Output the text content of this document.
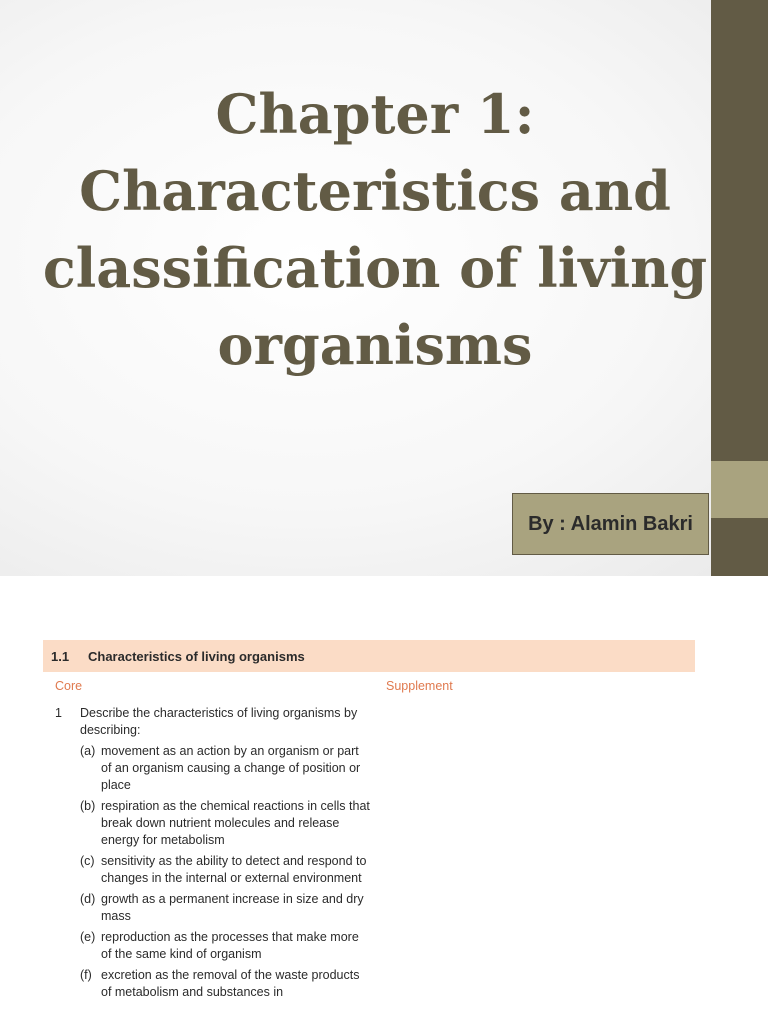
Chapter 1:
Characteristics and
classification of living
organisms
By : Alamin Bakri
1.1	Characteristics of living organisms
Core	Supplement
1 Describe the characteristics of living organisms by describing:
(a) movement as an action by an organism or part of an organism causing a change of position or place
(b) respiration as the chemical reactions in cells that break down nutrient molecules and release energy for metabolism
(c) sensitivity as the ability to detect and respond to changes in the internal or external environment
(d) growth as a permanent increase in size and dry mass
(e) reproduction as the processes that make more of the same kind of organism
(f) excretion as the removal of the waste products of metabolism and substances in
